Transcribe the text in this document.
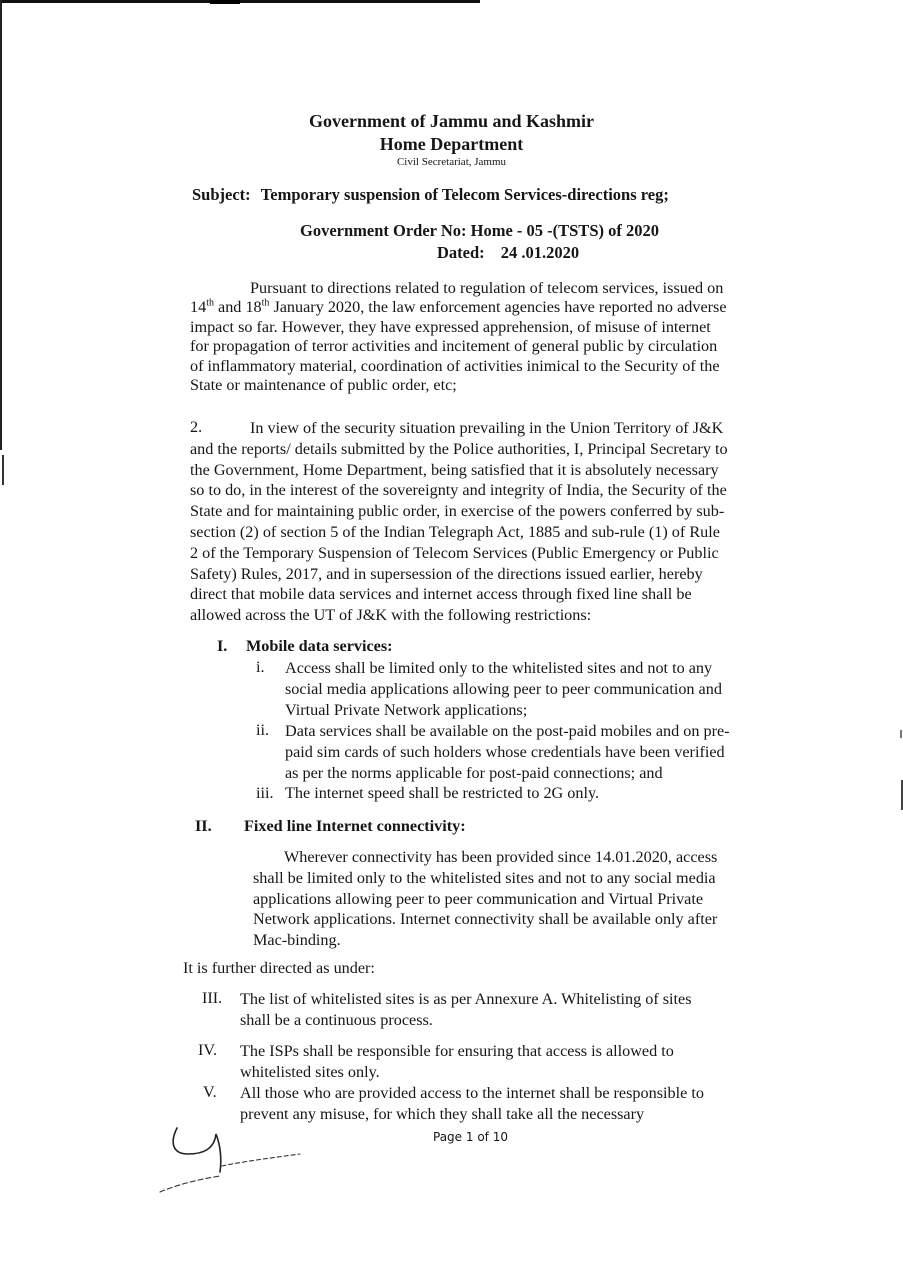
Government of Jammu and Kashmir
Home Department
Civil Secretariat, Jammu
Subject: Temporary suspension of Telecom Services-directions reg;
Government Order No: Home - 05 -(TSTS) of 2020
Dated: 24 .01.2020
Pursuant to directions related to regulation of telecom services, issued on
14th and 18th January 2020, the law enforcement agencies have reported no adverse
impact so far. However, they have expressed apprehension, of misuse of internet
for propagation of terror activities and incitement of general public by circulation
of inflammatory material, coordination of activities inimical to the Security of the
State or maintenance of public order, etc;
2.	In view of the security situation prevailing in the Union Territory of J&K
and the reports/ details submitted by the Police authorities, I, Principal Secretary to
the Government, Home Department, being satisfied that it is absolutely necessary
so to do, in the interest of the sovereignty and integrity of India, the Security of the
State and for maintaining public order, in exercise of the powers conferred by sub-
section (2) of section 5 of the Indian Telegraph Act, 1885 and sub-rule (1) of Rule
2 of the Temporary Suspension of Telecom Services (Public Emergency or Public
Safety) Rules, 2017, and in supersession of the directions issued earlier, hereby
direct that mobile data services and internet access through fixed line shall be
allowed across the UT of J&K with the following restrictions:
I. Mobile data services:
i. Access shall be limited only to the whitelisted sites and not to any
social media applications allowing peer to peer communication and
Virtual Private Network applications;
ii. Data services shall be available on the post-paid mobiles and on pre-
paid sim cards of such holders whose credentials have been verified
as per the norms applicable for post-paid connections; and
iii. The internet speed shall be restricted to 2G only.
II. Fixed line Internet connectivity:
Wherever connectivity has been provided since 14.01.2020, access
shall be limited only to the whitelisted sites and not to any social media
applications allowing peer to peer communication and Virtual Private
Network applications. Internet connectivity shall be available only after
Mac-binding.
It is further directed as under:
III. The list of whitelisted sites is as per Annexure A. Whitelisting of sites
shall be a continuous process.
IV. The ISPs shall be responsible for ensuring that access is allowed to
whitelisted sites only.
V. All those who are provided access to the internet shall be responsible to
prevent any misuse, for which they shall take all the necessary
Page 1 of 10
